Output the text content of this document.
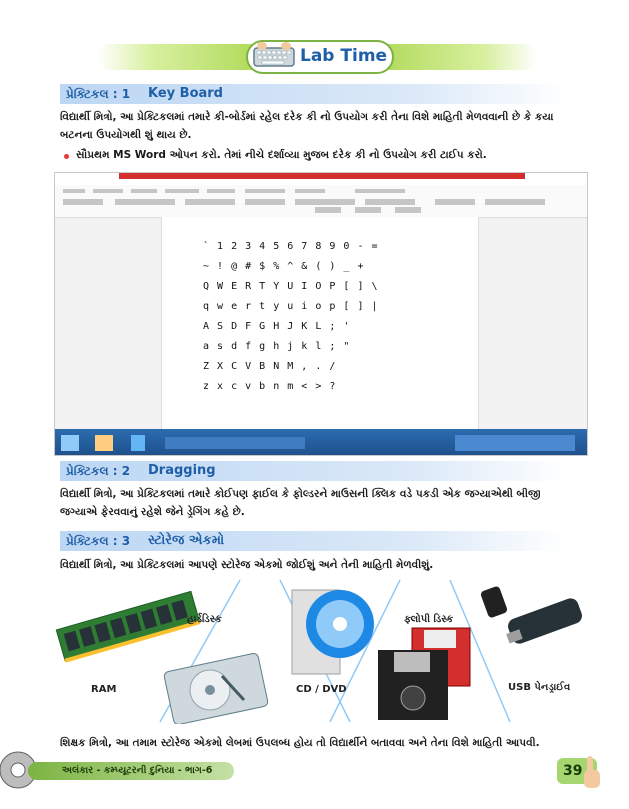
Lab Time
પ્રેક્ટિકલ : 1 Key Board
વિદ્યાર્થી મિત્રો, આ પ્રેક્ટિકલમાં તમારે કી-બોર્ડમાં રહેલ દરેક કી નો ઉપયોગ કરી તેના વિશે માહિતી મેળવવાની છે કે કયા બટનના ઉપયોગથી શું થાય છે.
સૌપ્રથમ MS Word ઓપન કરો. તેમાં નીચે દર્શાવ્યા મુજબ દરેક કી નો ઉપયોગ કરી ટાઈપ કરો.
` 1 2 3 4 5 6 7 8 9 0 - =
~ ! @ # $ % ^ & ( ) _ +
Q W E R T Y U I O P [ ] \
q w e r t y u i o p [ ] |
A S D F G H J K L ; '
a s d f g h j k l ; "
Z X C V B N M , . /
z x c v b n m < > ?
પ્રેક્ટિકલ : 2 Dragging
વિદ્યાર્થી મિત્રો, આ પ્રેક્ટિકલમાં તમારે કોઈપણ ફાઈલ કે ફોલ્ડરને માઉસની ક્લિક વડે પકડી એક જગ્યાએથી બીજી જગ્યાએ ફેરવવાનું રહેશે જેને ડ્રેગિંગ કહે છે.
પ્રેક્ટિકલ : 3 સ્ટોરેજ એકમો
વિદ્યાર્થી મિત્રો, આ પ્રેક્ટિકલમાં આપણે સ્ટોરેજ એકમો જોઈશું અને તેની માહિતી મેળવીશું.
RAM
હાર્ડડિસ્ક
CD / DVD
ફ્લોપી ડિસ્ક
USB પેનડ્રાઈવ
શિક્ષક મિત્રો, આ તમામ સ્ટોરેજ એકમો લેબમાં ઉપલબ્ધ હોય તો વિદ્યાર્થીને બતાવવા અને તેના વિશે માહિતી આપવી.
અલંકાર - કમ્પ્યૂટરની દુનિયા - ભાગ-6	39
